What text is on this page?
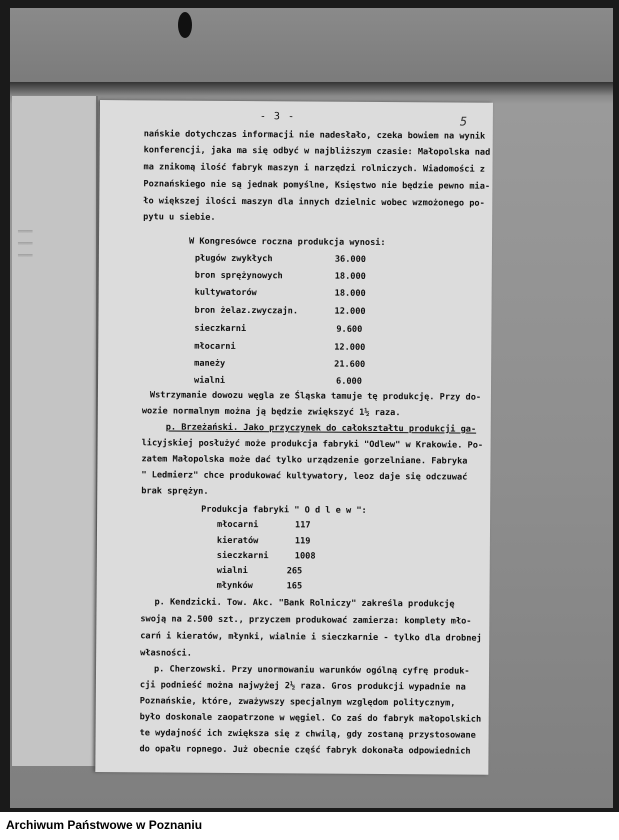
═══
═══
═══
- 3 -	5
nańskie dotychczas informacji nie nadesłało, czeka bowiem na wynik
konferencji, jaka ma się odbyć w najbliższym czasie: Małopolska nad
ma znikomą ilość fabryk maszyn i narzędzi rolniczych. Wiadomości z
Poznańskiego nie są jednak pomyślne, Księstwo nie będzie pewno mia-
ło większej ilości maszyn dla innych dzielnic wobec wzmożonego po-
pytu u siebie.
W Kongresówce roczna produkcja wynosi:
pługów zwykłych	36.000
bron sprężynowych	18.000
kultywatorów	18.000
bron żelaz.zwyczajn.	12.000
sieczkarni	9.600
młocarni	12.000
maneży	21.600
wialni	6.000
Wstrzymanie dowozu węgla ze Śląska tamuje tę produkcję. Przy do-
wozie normalnym można ją będzie zwiększyć 1½ raza.
p. Brzeżański. Jako przyczynek do całokształtu produkcji ga-
licyjskiej posłużyć może produkcja fabryki "Odlew" w Krakowie. Po-
zatem Małopolska może dać tylko urządzenie gorzelniane. Fabryka
" Ledmierz" chce produkować kultywatory, leoz daje się odczuwać
brak sprężyn.
Produkcja fabryki " O d l e w ":
młocarni	117
kieratów	119
sieczkarni	1008
wialni	265
młynków	165
p. Kendzicki. Tow. Akc. "Bank Rolniczy" zakreśla produkcję
swoją na 2.500 szt., przyczem produkować zamierza: komplety mło-
carń i kieratów, młynki, wialnie i sieczkarnie - tylko dla drobnej
własności.
p. Cherzowski. Przy unormowaniu warunków ogólną cyfrę produk-
cji podnieść można najwyżej 2½ raza. Gros produkcji wypadnie na
Poznańskie, które, zważywszy specjalnym względom politycznym,
było doskonale zaopatrzone w węgiel. Co zaś do fabryk małopolskich
te wydajność ich zwiększa się z chwilą, gdy zostaną przystosowane
do opału ropnego. Już obecnie część fabryk dokonała odpowiednich
Archiwum Państwowe w Poznaniu
